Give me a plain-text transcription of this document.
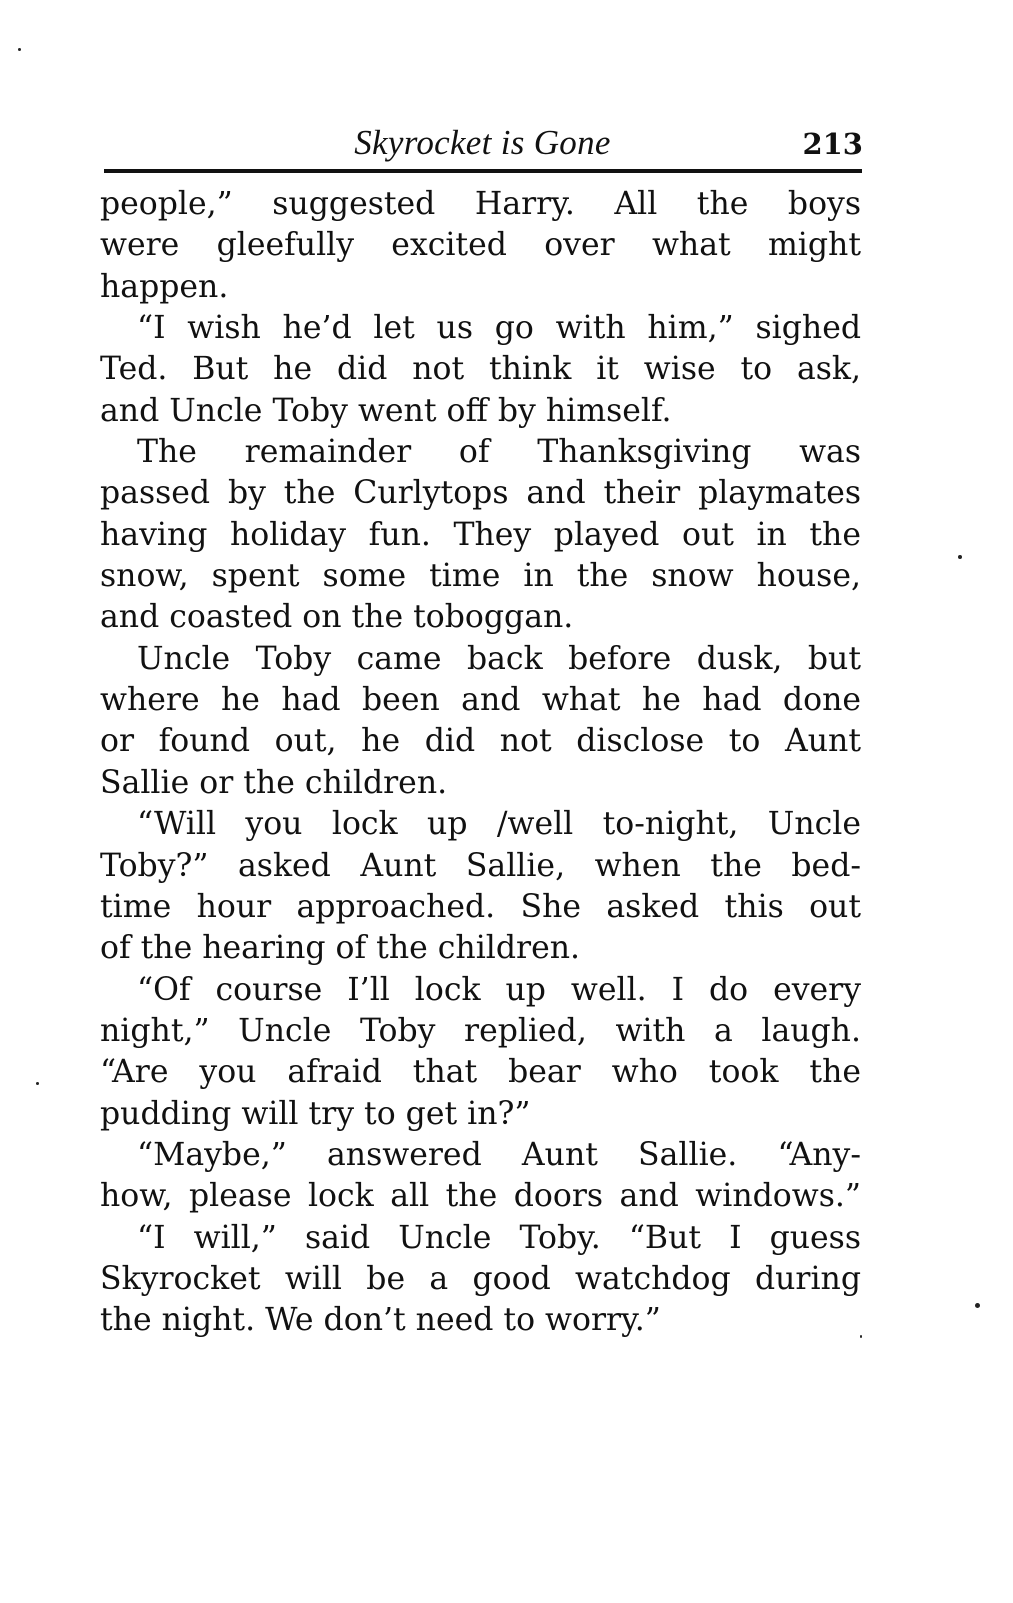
Skyrocket is Gone	213
people,” suggested Harry. All the boys
were gleefully excited over what might
happen.
“I wish he’d let us go with him,” sighed
Ted. But he did not think it wise to ask,
and Uncle Toby went off by himself.
The remainder of Thanksgiving was
passed by the Curlytops and their playmates
having holiday fun. They played out in the
snow, spent some time in the snow house,
and coasted on the toboggan.
Uncle Toby came back before dusk, but
where he had been and what he had done
or found out, he did not disclose to Aunt
Sallie or the children.
“Will you lock up /well to-night, Uncle
Toby?” asked Aunt Sallie, when the bed-
time hour approached. She asked this out
of the hearing of the children.
“Of course I’ll lock up well. I do every
night,” Uncle Toby replied, with a laugh.
“Are you afraid that bear who took the
pudding will try to get in?”
“Maybe,” answered Aunt Sallie. “Any-
how, please lock all the doors and windows.”
“I will,” said Uncle Toby. “But I guess
Skyrocket will be a good watchdog during
the night. We don’t need to worry.”
